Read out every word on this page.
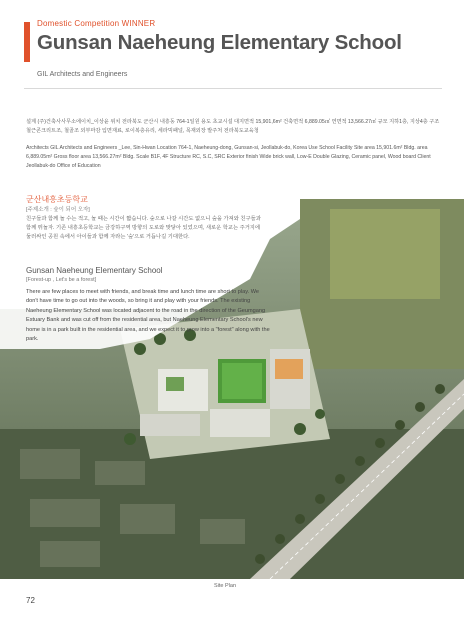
Domestic Competition WINNER
Gunsan Naeheung Elementary School
GIL Architects and Engineers
설계 (주)건축사사무소에이치_이상윤 위치 전라북도 군산시 내흥동 764-1일원 용도 초교시설 대지면적 15,901,6m² 건축면적 6,889.05㎡ 연면적 13,566.27㎡ 규모 지하1층, 지상4층 구조 철근콘크리트조, 철골조 외부마감 입면재료, 로이복층유리, 세라믹패널, 목재외장 발주처 전라북도교육청
Architects GIL Architects and Engineers _Lee, Sin-Hwan Location 764-1, Naeheung-dong, Gunsan-si, Jeollabuk-do, Korea Use School Facility Site area 15,901.6m² Bldg. area 6,889.05m² Gross floor area 13,566.27m² Bldg. Scale B1F, 4F Structure RC, S.C, SRC Exterior finish Wide brick wall, Low-E Double Glazing, Ceramic panel, Wood board Client Jeollabuk-do Office of Education
군산내흥초등학교
[주제소개 : 숲이 되어 오자]
친구들과 함께 놀 수는 적고, 놀 때는 시간이 짧습니다. 숲으로 나갈 시간도 없으니 숲을 가져와 친구들과 함께 뛰놀자. 기존 내흥초등학교는 금강하구역 방향의 도로와 맞닿아 있었으며, 새로운 학교는 주거지에 둘러싸인 공원 속에서 아이들과 함께 자라는 '숲'으로 거듭나길 기대한다.
Gunsan Naeheung Elementary School
[Forest-up , Let's be a forest]
There are few places to meet with friends, and break time and lunch time are short to play. We don't have time to go out into the woods, so bring it and play with your friends. The existing Naeheung Elementary School was located adjacent to the road in the direction of the Geumgang Estuary Bank and was cut off from the residential area, but Naeheung Elementary School's new home is in a park built in the residential area, and we expect it to grow into a "forest" along with the park.
Site Plan
72
